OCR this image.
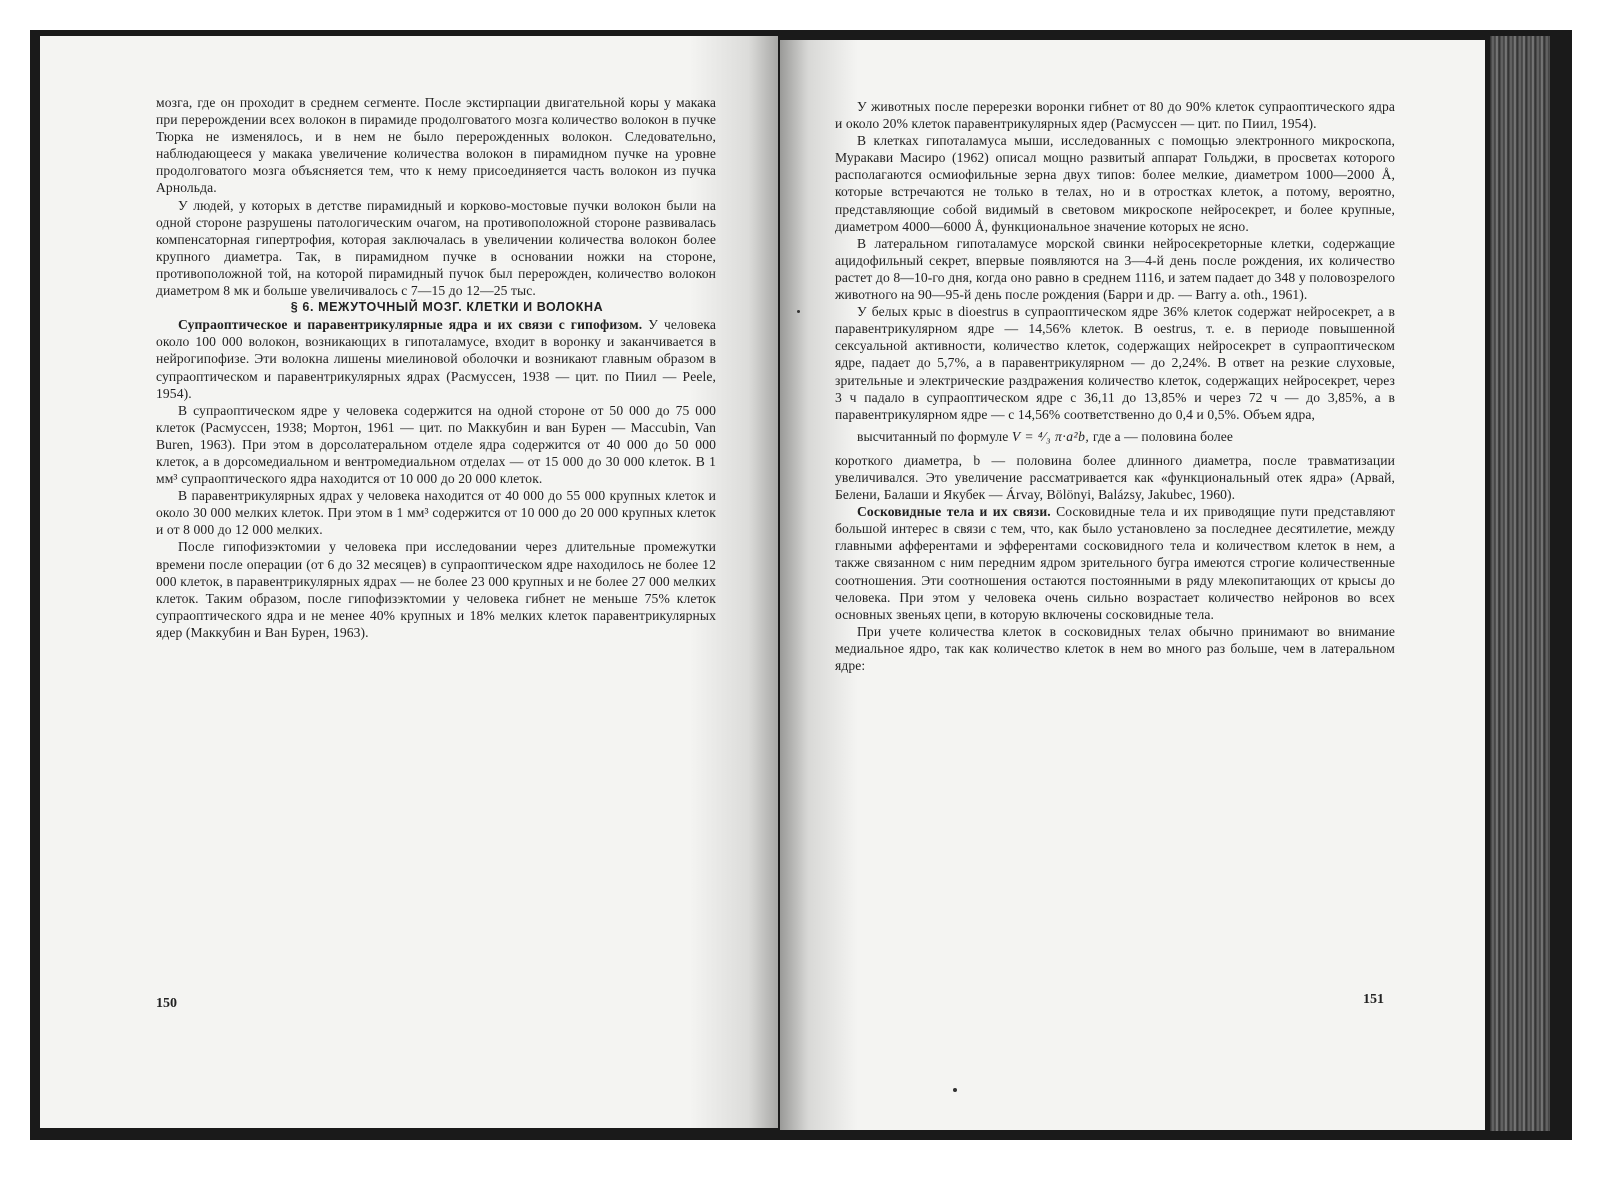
мозга, где он проходит в среднем сегменте. После экстирпации двигательной коры у макака при перерождении всех волокон в пирамиде продолговатого мозга количество волокон в пучке Тюрка не изменялось, и в нем не было перерожденных волокон. Следовательно, наблюдающееся у макака увеличение количества волокон в пирамидном пучке на уровне продолговатого мозга объясняется тем, что к нему присоединяется часть волокон из пучка Арнольда.

У людей, у которых в детстве пирамидный и корково-мостовые пучки волокон были на одной стороне разрушены патологическим очагом, на противоположной стороне развивалась компенсаторная гипертрофия, которая заключалась в увеличении количества волокон более крупного диаметра. Так, в пирамидном пучке в основании ножки на стороне, противоположной той, на которой пирамидный пучок был перерожден, количество волокон диаметром 8 мк и больше увеличивалось с 7—15 до 12—25 тыс.

§ 6. МЕЖУТОЧНЫЙ МОЗГ. КЛЕТКИ И ВОЛОКНА

Супраоптическое и паравентрикулярные ядра и их связи с гипофизом. У человека около 100 000 волокон, возникающих в гипоталамусе, входит в воронку и заканчивается в нейрогипофизе. Эти волокна лишены миелиновой оболочки и возникают главным образом в супраоптическом и паравентрикулярных ядрах (Расмуссен, 1938 — цит. по Пиил — Peele, 1954).

В супраоптическом ядре у человека содержится на одной стороне от 50 000 до 75 000 клеток (Расмуссен, 1938; Мортон, 1961 — цит. по Маккубин и ван Бурен — Maccubin, Van Buren, 1963). При этом в дорсолатеральном отделе ядра содержится от 40 000 до 50 000 клеток, а в дорсомедиальном и вентромедиальном отделах — от 15 000 до 30 000 клеток. В 1 мм³ супраоптического ядра находится от 10 000 до 20 000 клеток.

В паравентрикулярных ядрах у человека находится от 40 000 до 55 000 крупных клеток и около 30 000 мелких клеток. При этом в 1 мм³ содержится от 10 000 до 20 000 крупных клеток и от 8 000 до 12 000 мелких.

После гипофизэктомии у человека при исследовании через длительные промежутки времени после операции (от 6 до 32 месяцев) в супраоптическом ядре находилось не более 12 000 клеток, в паравентрикулярных ядрах — не более 23 000 крупных и не более 27 000 мелких клеток. Таким образом, после гипофизэктомии у человека гибнет не меньше 75% клеток супраоптического ядра и не менее 40% крупных и 18% мелких клеток паравентрикулярных ядер (Маккубин и Ван Бурен, 1963).

150

У животных после перерезки воронки гибнет от 80 до 90% клеток супраоптического ядра и около 20% клеток паравентрикулярных ядер (Расмуссен — цит. по Пиил, 1954).

В клетках гипоталамуса мыши, исследованных с помощью электронного микроскопа, Муракави Масиро (1962) описал мощно развитый аппарат Гольджи, в просветах которого располагаются осмиофильные зерна двух типов: более мелкие, диаметром 1000—2000 Å, которые встречаются не только в телах, но и в отростках клеток, а потому, вероятно, представляющие собой видимый в световом микроскопе нейросекрет, и более крупные, диаметром 4000—6000 Å, функциональное значение которых не ясно.

В латеральном гипоталамусе морской свинки нейросекреторные клетки, содержащие ацидофильный секрет, впервые появляются на 3—4-й день после рождения, их количество растет до 8—10-го дня, когда оно равно в среднем 1116, и затем падает до 348 у половозрелого животного на 90—95-й день после рождения (Барри и др. — Barry a. oth., 1961).

У белых крыс в dioestrus в супраоптическом ядре 36% клеток содержат нейросекрет, а в паравентрикулярном ядре — 14,56% клеток. В oestrus, т. е. в периоде повышенной сексуальной активности, количество клеток, содержащих нейросекрет в супраоптическом ядре, падает до 5,7%, а в паравентрикулярном — до 2,24%. В ответ на резкие слуховые, зрительные и электрические раздражения количество клеток, содержащих нейросекрет, через 3 ч падало в супраоптическом ядре с 36,11 до 13,85% и через 72 ч — до 3,85%, а в паравентрикулярном ядре — с 14,56% соответственно до 0,4 и 0,5%. Объем ядра,

высчитанный по формуле V = ⁴⁄₃ π·a²b, где a — половина более

короткого диаметра, b — половина более длинного диаметра, после травматизации увеличивался. Это увеличение рассматривается как «функциональный отек ядра» (Арвай, Белени, Балаши и Якубек — Árvay, Bölönyi, Balázsy, Jakubec, 1960).

Сосковидные тела и их связи. Сосковидные тела и их приводящие пути представляют большой интерес в связи с тем, что, как было установлено за последнее десятилетие, между главными афферентами и эфферентами сосковидного тела и количеством клеток в нем, а также связанном с ним передним ядром зрительного бугра имеются строгие количественные соотношения. Эти соотношения остаются постоянными в ряду млекопитающих от крысы до человека. При этом у человека очень сильно возрастает количество нейронов во всех основных звеньях цепи, в которую включены сосковидные тела.

При учете количества клеток в сосковидных телах обычно принимают во внимание медиальное ядро, так как количество клеток в нем во много раз больше, чем в латеральном ядре:

151
